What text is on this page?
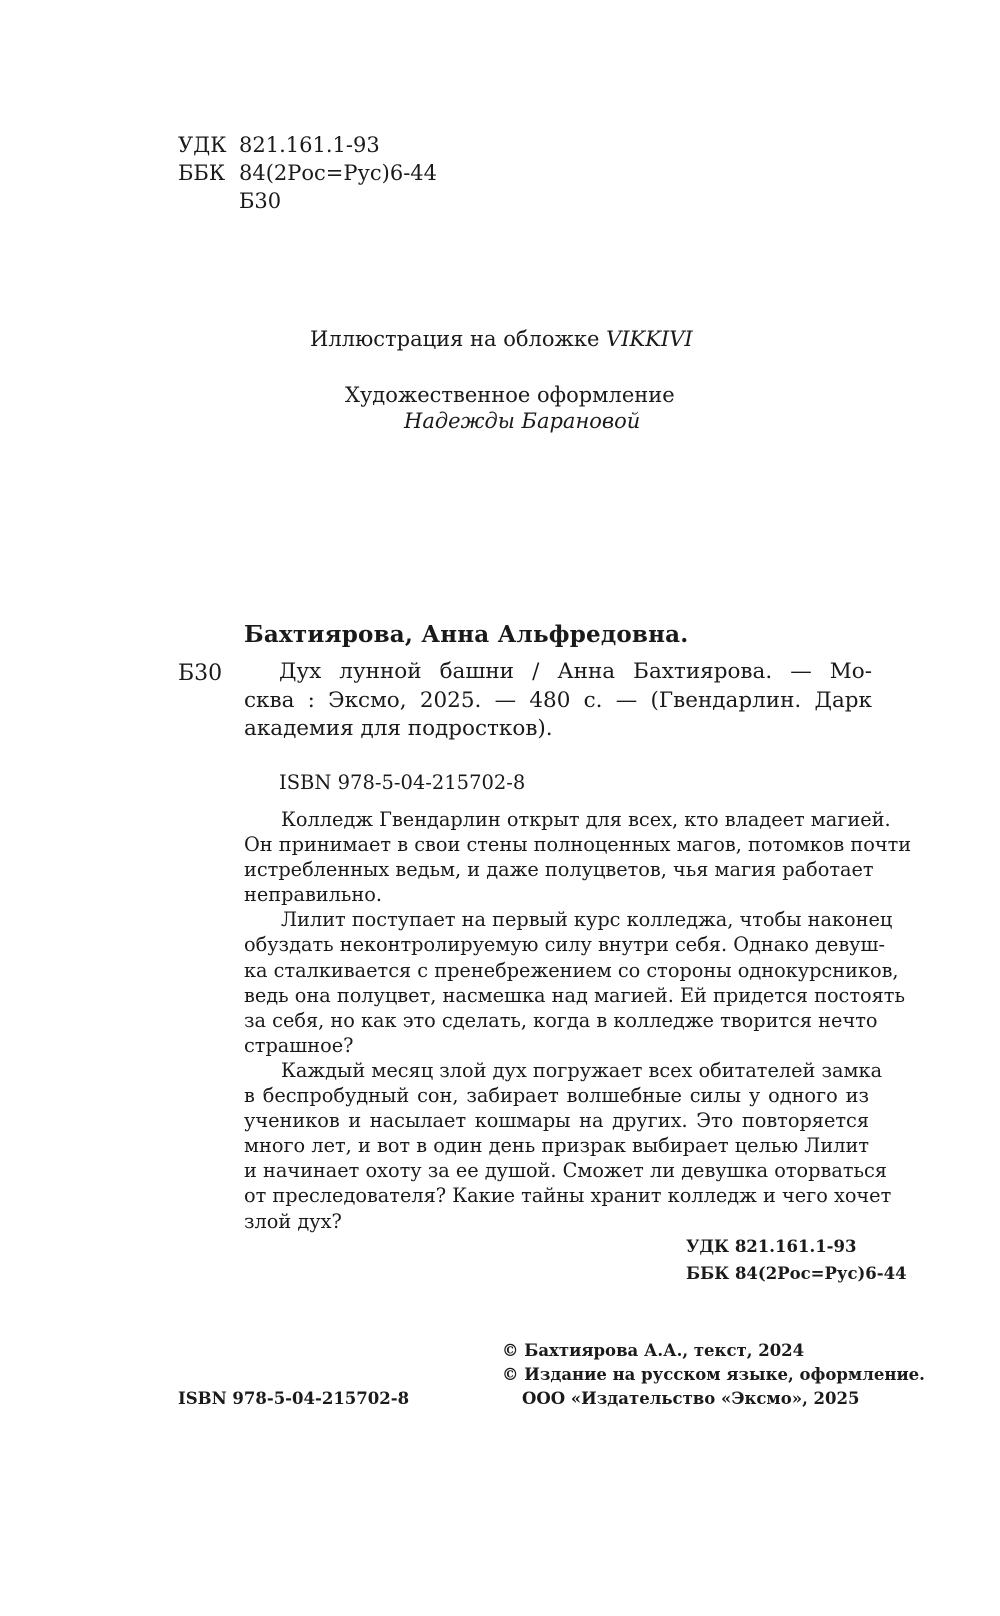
УДК 821.161.1-93
ББК 84(2Рос=Рус)6-44
Б30
Иллюстрация на обложке VIKKIVI
Художественное оформление
Надежды Барановой
Бахтиярова, Анна Альфредовна.
Б30	Дух лунной башни / Анна Бахтиярова. — Мо-
сква : Эксмо, 2025. — 480 с. — (Гвендарлин. Дарк
академия для подростков).
ISBN 978-5-04-215702-8
Колледж Гвендарлин открыт для всех, кто владеет магией.
Он принимает в свои стены полноценных магов, потомков почти
истребленных ведьм, и даже полуцветов, чья магия работает
неправильно.
Лилит поступает на первый курс колледжа, чтобы наконец
обуздать неконтролируемую силу внутри себя. Однако девуш-
ка сталкивается с пренебрежением со стороны однокурсников,
ведь она полуцвет, насмешка над магией. Ей придется постоять
за себя, но как это сделать, когда в колледже творится нечто
страшное?
Каждый месяц злой дух погружает всех обитателей замка
в беспробудный сон, забирает волшебные силы у одного из
учеников и насылает кошмары на других. Это повторяется
много лет, и вот в один день призрак выбирает целью Лилит
и начинает охоту за ее душой. Сможет ли девушка оторваться
от преследователя? Какие тайны хранит колледж и чего хочет
злой дух?
УДК 821.161.1-93
ББК 84(2Рос=Рус)6-44
© Бахтиярова А.А., текст, 2024
© Издание на русском языке, оформление.
ISBN 978-5-04-215702-8	ООО «Издательство «Эксмо», 2025
